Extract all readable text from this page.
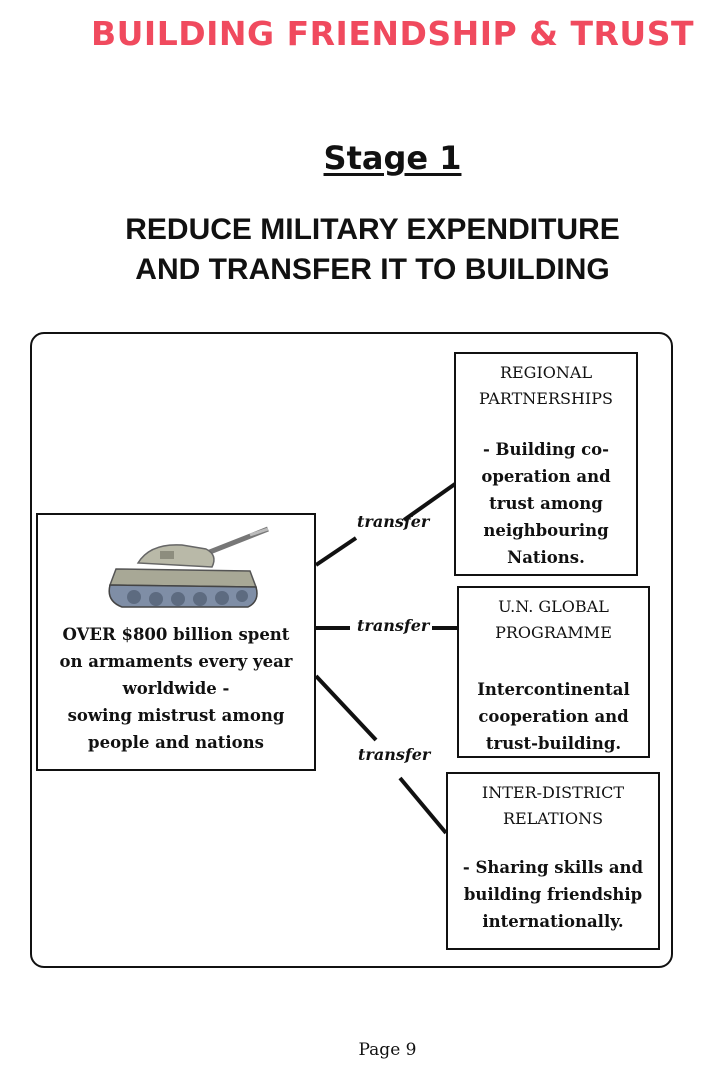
BUILDING FRIENDSHIP & TRUST
Stage 1
REDUCE MILITARY EXPENDITURE
AND TRANSFER IT TO BUILDING
OVER $800 billion spent
on armaments every year
worldwide -
sowing mistrust among
people and nations
transfer
transfer
transfer
REGIONAL
PARTNERSHIPS
- Building co-
operation and
trust among
neighbouring
Nations.
U.N. GLOBAL
PROGRAMME
Intercontinental
cooperation and
trust-building.
INTER-DISTRICT
RELATIONS
- Sharing skills and
building friendship
internationally.
Page 9
